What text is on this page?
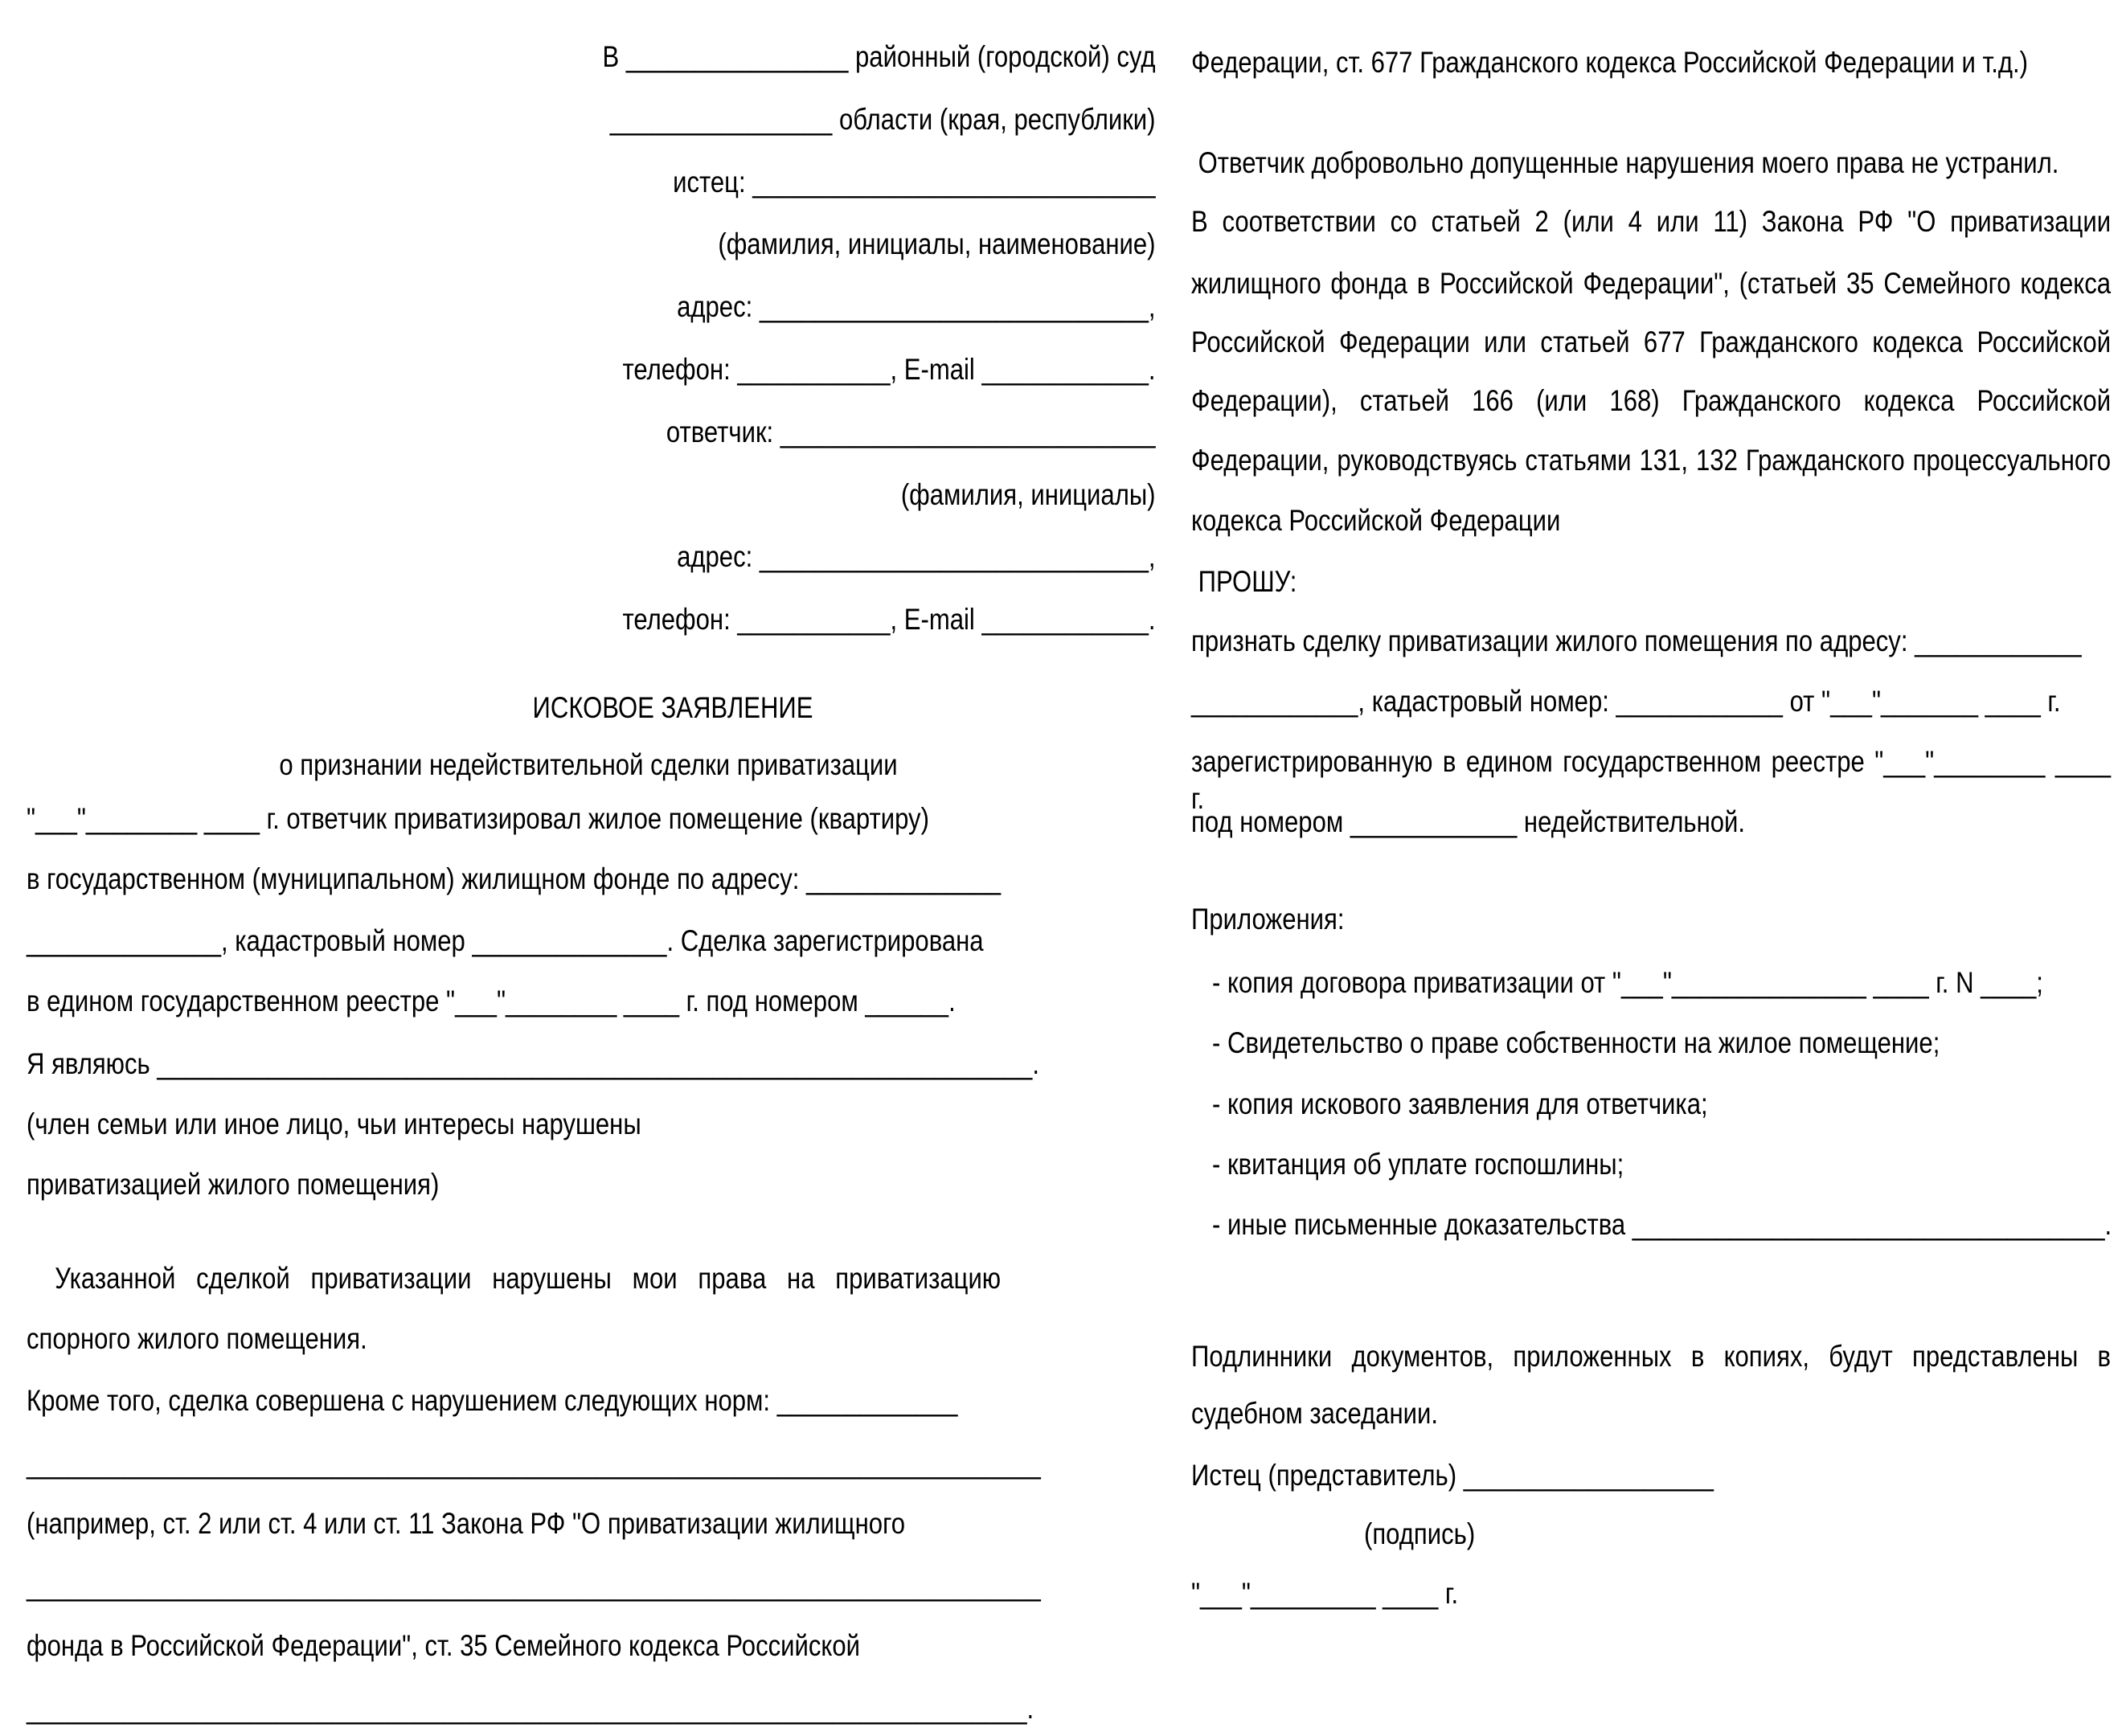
В ________________ районный (городской) суд
________________ области (края, республики)
истец: _____________________________
(фамилия, инициалы, наименование)
адрес: ____________________________,
телефон: ___________, E-mail ____________.
ответчик: ___________________________
(фамилия, инициалы)
адрес: ____________________________,
телефон: ___________, E-mail ____________.
ИСКОВОЕ ЗАЯВЛЕНИЕ
о признании недействительной сделки приватизации
"___"________ ____ г. ответчик приватизировал жилое помещение (квартиру)
в государственном (муниципальном) жилищном фонде по адресу: ______________
______________, кадастровый номер ______________. Сделка зарегистрирована
в едином государственном реестре "___"________ ____ г. под номером ______.
Я являюсь _______________________________________________________________.
(член семьи или иное лицо, чьи интересы нарушены
приватизацией жилого помещения)
Указанной сделкой приватизации нарушены мои права на приватизацию
спорного жилого помещения.
Кроме того, сделка совершена с нарушением следующих норм: _____________
_________________________________________________________________________
(например, ст. 2 или ст. 4 или ст. 11 Закона РФ "О приватизации жилищного
_________________________________________________________________________
фонда в Российской Федерации", ст. 35 Семейного кодекса Российской
________________________________________________________________________.
Федерации, ст. 677 Гражданского кодекса Российской Федерации и т.д.)
Ответчик добровольно допущенные нарушения моего права не устранил.
В соответствии со статьей 2 (или 4 или 11) Закона РФ "О приватизации
жилищного фонда в Российской Федерации", (статьей 35 Семейного кодекса
Российской Федерации или статьей 677 Гражданского кодекса Российской
Федерации), статьей 166 (или 168) Гражданского кодекса Российской
Федерации, руководствуясь статьями 131, 132 Гражданского процессуального
кодекса Российской Федерации
ПРОШУ:
признать сделку приватизации жилого помещения по адресу: ____________
____________, кадастровый номер: ____________ от "___"_______ ____ г.
зарегистрированную в едином государственном реестре "___"________ ____ г.
под номером ____________ недействительной.
Приложения:
- копия договора приватизации от "___"______________ ____ г. N ____;
- Свидетельство о праве собственности на жилое помещение;
- копия искового заявления для ответчика;
- квитанция об уплате госпошлины;
- иные письменные доказательства __________________________________.
Подлинники документов, приложенных в копиях, будут представлены в
судебном заседании.
Истец (представитель) __________________
(подпись)
"___"_________ ____ г.
